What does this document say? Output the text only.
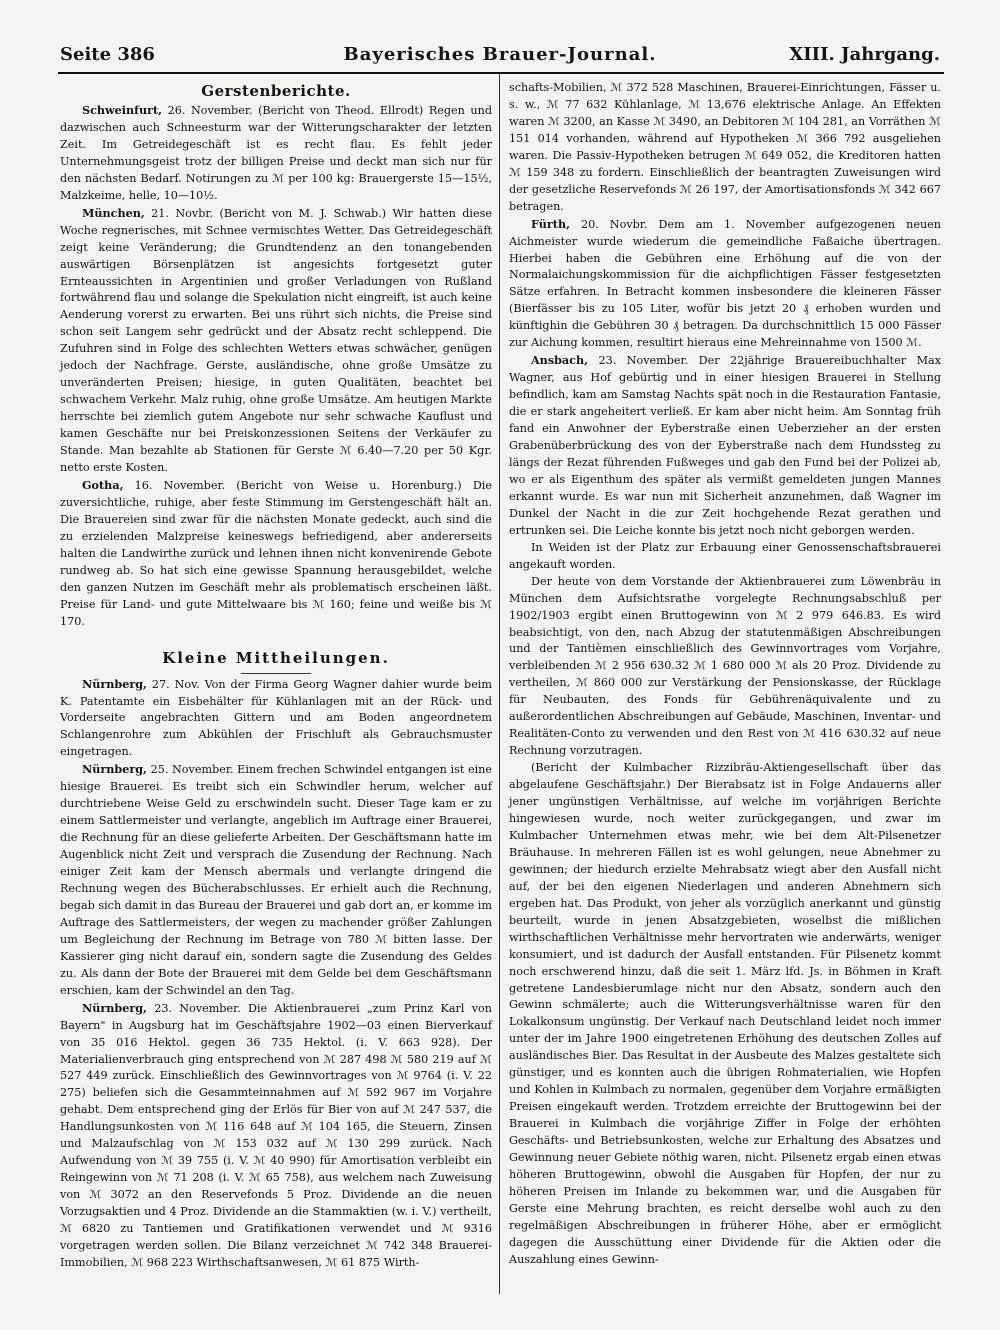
Seite 386	Bayerisches Brauer-Journal.	XIII. Jahrgang.
Gerstenberichte.

Schweinfurt, 26. November. (Bericht von Theod. Ellrodt) Regen und dazwischen auch Schneesturm war der Witterungscharakter der letzten Zeit. Im Getreidegeschäft ist es recht flau. Es fehlt jeder Unternehmungsgeist trotz der billigen Preise und deckt man sich nur für den nächsten Bedarf. Notirungen zu ℳ per 100 kg: Brauergerste 15—15½, Malzkeime, helle, 10—10½.

München, 21. Novbr. (Bericht von M. J. Schwab.) Wir hatten diese Woche regnerisches, mit Schnee vermischtes Wetter. Das Getreidegeschäft zeigt keine Veränderung; die Grundtendenz an den tonangebenden auswärtigen Börsenplätzen ist angesichts fortgesetzt guter Ernteaussichten in Argentinien und großer Verladungen von Rußland fortwährend flau und solange die Spekulation nicht eingreift, ist auch keine Aenderung vorerst zu erwarten. Bei uns rührt sich nichts, die Preise sind schon seit Langem sehr gedrückt und der Absatz recht schleppend. Die Zufuhren sind in Folge des schlechten Wetters etwas schwächer, genügen jedoch der Nachfrage. Gerste, ausländische, ohne große Umsätze zu unveränderten Preisen; hiesige, in guten Qualitäten, beachtet bei schwachem Verkehr. Malz ruhig, ohne große Umsätze. Am heutigen Markte herrschte bei ziemlich gutem Angebote nur sehr schwache Kauflust und kamen Geschäfte nur bei Preiskonzessionen Seitens der Verkäufer zu Stande. Man bezahlte ab Stationen für Gerste ℳ 6.40—7.20 per 50 Kgr. netto erste Kosten.

Gotha, 16. November. (Bericht von Weise u. Horenburg.) Die zuversichtliche, ruhige, aber feste Stimmung im Gerstengeschäft hält an. Die Brauereien sind zwar für die nächsten Monate gedeckt, auch sind die zu erzielenden Malzpreise keineswegs befriedigend, aber andererseits halten die Landwirthe zurück und lehnen ihnen nicht konvenirende Gebote rundweg ab. So hat sich eine gewisse Spannung herausgebildet, welche den ganzen Nutzen im Geschäft mehr als problematisch erscheinen läßt. Preise für Land- und gute Mittelwaare bis ℳ 160; feine und weiße bis ℳ 170.

Kleine Mittheilungen.

Nürnberg, 27. Nov. Von der Firma Georg Wagner dahier wurde beim K. Patentamte ein Eisbehälter für Kühlanlagen mit an der Rück- und Vorderseite angebrachten Gittern und am Boden angeordnetem Schlangenrohre zum Abkühlen der Frischluft als Gebrauchsmuster eingetragen.

Nürnberg, 25. November. Einem frechen Schwindel entgangen ist eine hiesige Brauerei. Es treibt sich ein Schwindler herum, welcher auf durchtriebene Weise Geld zu erschwindeln sucht. Dieser Tage kam er zu einem Sattlermeister und verlangte, angeblich im Auftrage einer Brauerei, die Rechnung für an diese gelieferte Arbeiten. Der Geschäftsmann hatte im Augenblick nicht Zeit und versprach die Zusendung der Rechnung. Nach einiger Zeit kam der Mensch abermals und verlangte dringend die Rechnung wegen des Bücherabschlusses. Er erhielt auch die Rechnung, begab sich damit in das Bureau der Brauerei und gab dort an, er komme im Auftrage des Sattlermeisters, der wegen zu machender größer Zahlungen um Begleichung der Rechnung im Betrage von 780 ℳ bitten lasse. Der Kassierer ging nicht darauf ein, sondern sagte die Zusendung des Geldes zu. Als dann der Bote der Brauerei mit dem Gelde bei dem Geschäftsmann erschien, kam der Schwindel an den Tag.

Nürnberg, 23. November. Die Aktienbrauerei „zum Prinz Karl von Bayern" in Augsburg hat im Geschäftsjahre 1902—03 einen Bierverkauf von 35 016 Hektol. gegen 36 735 Hektol. (i. V. 663 928). Der Materialienverbrauch ging entsprechend von ℳ 287 498 ℳ 580 219 auf ℳ 527 449 zurück. Einschließlich des Gewinnvortrages von ℳ 9764 (i. V. 22 275) beliefen sich die Gesammteinnahmen auf ℳ 592 967 im Vorjahre gehabt. Dem entsprechend ging der Erlös für Bier von auf ℳ 247 537, die Handlungsunkosten von ℳ 116 648 auf ℳ 104 165, die Steuern, Zinsen und Malzaufschlag von ℳ 153 032 auf ℳ 130 299 zurück. Nach Aufwendung von ℳ 39 755 (i. V. ℳ 40 990) für Amortisation verbleibt ein Reingewinn von ℳ 71 208 (i. V. ℳ 65 758), aus welchem nach Zuweisung von ℳ 3072 an den Reservefonds 5 Proz. Dividende an die neuen Vorzugsaktien und 4 Proz. Dividende an die Stammaktien (w. i. V.) vertheilt, ℳ 6820 zu Tantiemen und Gratifikationen verwendet und ℳ 9316 vorgetragen werden sollen. Die Bilanz verzeichnet ℳ 742 348 Brauerei-Immobilien, ℳ 968 223 Wirthschaftsanwesen, ℳ 61 875 Wirth-

schafts-Mobilien, ℳ 372 528 Maschinen, Brauerei-Einrichtungen, Fässer u. s. w., ℳ 77 632 Kühlanlage, ℳ 13,676 elektrische Anlage. An Effekten waren ℳ 3200, an Kasse ℳ 3490, an Debitoren ℳ 104 281, an Vorräthen ℳ 151 014 vorhanden, während auf Hypotheken ℳ 366 792 ausgeliehen waren. Die Passiv-Hypotheken betrugen ℳ 649 052, die Kreditoren hatten ℳ 159 348 zu fordern. Einschließlich der beantragten Zuweisungen wird der gesetzliche Reservefonds ℳ 26 197, der Amortisationsfonds ℳ 342 667 betragen.

Fürth, 20. Novbr. Dem am 1. November aufgezogenen neuen Aichmeister wurde wiederum die gemeindliche Faßaiche übertragen. Hierbei haben die Gebühren eine Erhöhung auf die von der Normalaichungskommission für die aichpflichtigen Fässer festgesetzten Sätze erfahren. In Betracht kommen insbesondere die kleineren Fässer (Bierfässer bis zu 105 Liter, wofür bis jetzt 20 ₰ erhoben wurden und künftighin die Gebühren 30 ₰ betragen. Da durchschnittlich 15 000 Fässer zur Aichung kommen, resultirt hieraus eine Mehreinnahme von 1500 ℳ.

Ansbach, 23. November. Der 22jährige Brauereibuchhalter Max Wagner, aus Hof gebürtig und in einer hiesigen Brauerei in Stellung befindlich, kam am Samstag Nachts spät noch in die Restauration Fantasie, die er stark angeheitert verließ. Er kam aber nicht heim. Am Sonntag früh fand ein Anwohner der Eyberstraße einen Ueberzieher an der ersten Grabenüberbrückung des von der Eyberstraße nach dem Hundssteg zu längs der Rezat führenden Fußweges und gab den Fund bei der Polizei ab, wo er als Eigenthum des später als vermißt gemeldeten jungen Mannes erkannt wurde. Es war nun mit Sicherheit anzunehmen, daß Wagner im Dunkel der Nacht in die zur Zeit hochgehende Rezat gerathen und ertrunken sei. Die Leiche konnte bis jetzt noch nicht geborgen werden.

In Weiden ist der Platz zur Erbauung einer Genossenschaftsbrauerei angekauft worden.

Der heute von dem Vorstande der Aktienbrauerei zum Löwenbräu in München dem Aufsichtsrathe vorgelegte Rechnungsabschluß per 1902/1903 ergibt einen Bruttogewinn von ℳ 2 979 646.83. Es wird beabsichtigt, von den, nach Abzug der statutenmäßigen Abschreibungen und der Tantièmen einschließlich des Gewinnvortrages vom Vorjahre, verbleibenden ℳ 2 956 630.32 ℳ 1 680 000 ℳ als 20 Proz. Dividende zu vertheilen, ℳ 860 000 zur Verstärkung der Pensionskasse, der Rücklage für Neubauten, des Fonds für Gebührenäquivalente und zu außerordentlichen Abschreibungen auf Gebäude, Maschinen, Inventar- und Realitäten-Conto zu verwenden und den Rest von ℳ 416 630.32 auf neue Rechnung vorzutragen.

(Bericht der Kulmbacher Rizzibräu-Aktiengesellschaft über das abgelaufene Geschäftsjahr.) Der Bierabsatz ist in Folge Andauerns aller jener ungünstigen Verhältnisse, auf welche im vorjährigen Berichte hingewiesen wurde, noch weiter zurückgegangen, und zwar im Kulmbacher Unternehmen etwas mehr, wie bei dem Alt-Pilsenetzer Bräuhause. In mehreren Fällen ist es wohl gelungen, neue Abnehmer zu gewinnen; der hiedurch erzielte Mehrabsatz wiegt aber den Ausfall nicht auf, der bei den eigenen Niederlagen und anderen Abnehmern sich ergeben hat. Das Produkt, von jeher als vorzüglich anerkannt und günstig beurteilt, wurde in jenen Absatzgebieten, woselbst die mißlichen wirthschaftlichen Verhältnisse mehr hervortraten wie anderwärts, weniger konsumiert, und ist dadurch der Ausfall entstanden. Für Pilsenetz kommt noch erschwerend hinzu, daß die seit 1. März lfd. Js. in Böhmen in Kraft getretene Landesbierumlage nicht nur den Absatz, sondern auch den Gewinn schmälerte; auch die Witterungsverhältnisse waren für den Lokalkonsum ungünstig. Der Verkauf nach Deutschland leidet noch immer unter der im Jahre 1900 eingetretenen Erhöhung des deutschen Zolles auf ausländisches Bier. Das Resultat in der Ausbeute des Malzes gestaltete sich günstiger, und es konnten auch die übrigen Rohmaterialien, wie Hopfen und Kohlen in Kulmbach zu normalen, gegenüber dem Vorjahre ermäßigten Preisen eingekauft werden. Trotzdem erreichte der Bruttogewinn bei der Brauerei in Kulmbach die vorjährige Ziffer in Folge der erhöhten Geschäfts- und Betriebsunkosten, welche zur Erhaltung des Absatzes und Gewinnung neuer Gebiete nöthig waren, nicht. Pilsenetz ergab einen etwas höheren Bruttogewinn, obwohl die Ausgaben für Hopfen, der nur zu höheren Preisen im Inlande zu bekommen war, und die Ausgaben für Gerste eine Mehrung brachten, es reicht derselbe wohl auch zu den regelmäßigen Abschreibungen in früherer Höhe, aber er ermöglicht dagegen die Ausschüttung einer Dividende für die Aktien oder die Auszahlung eines Gewinn-
